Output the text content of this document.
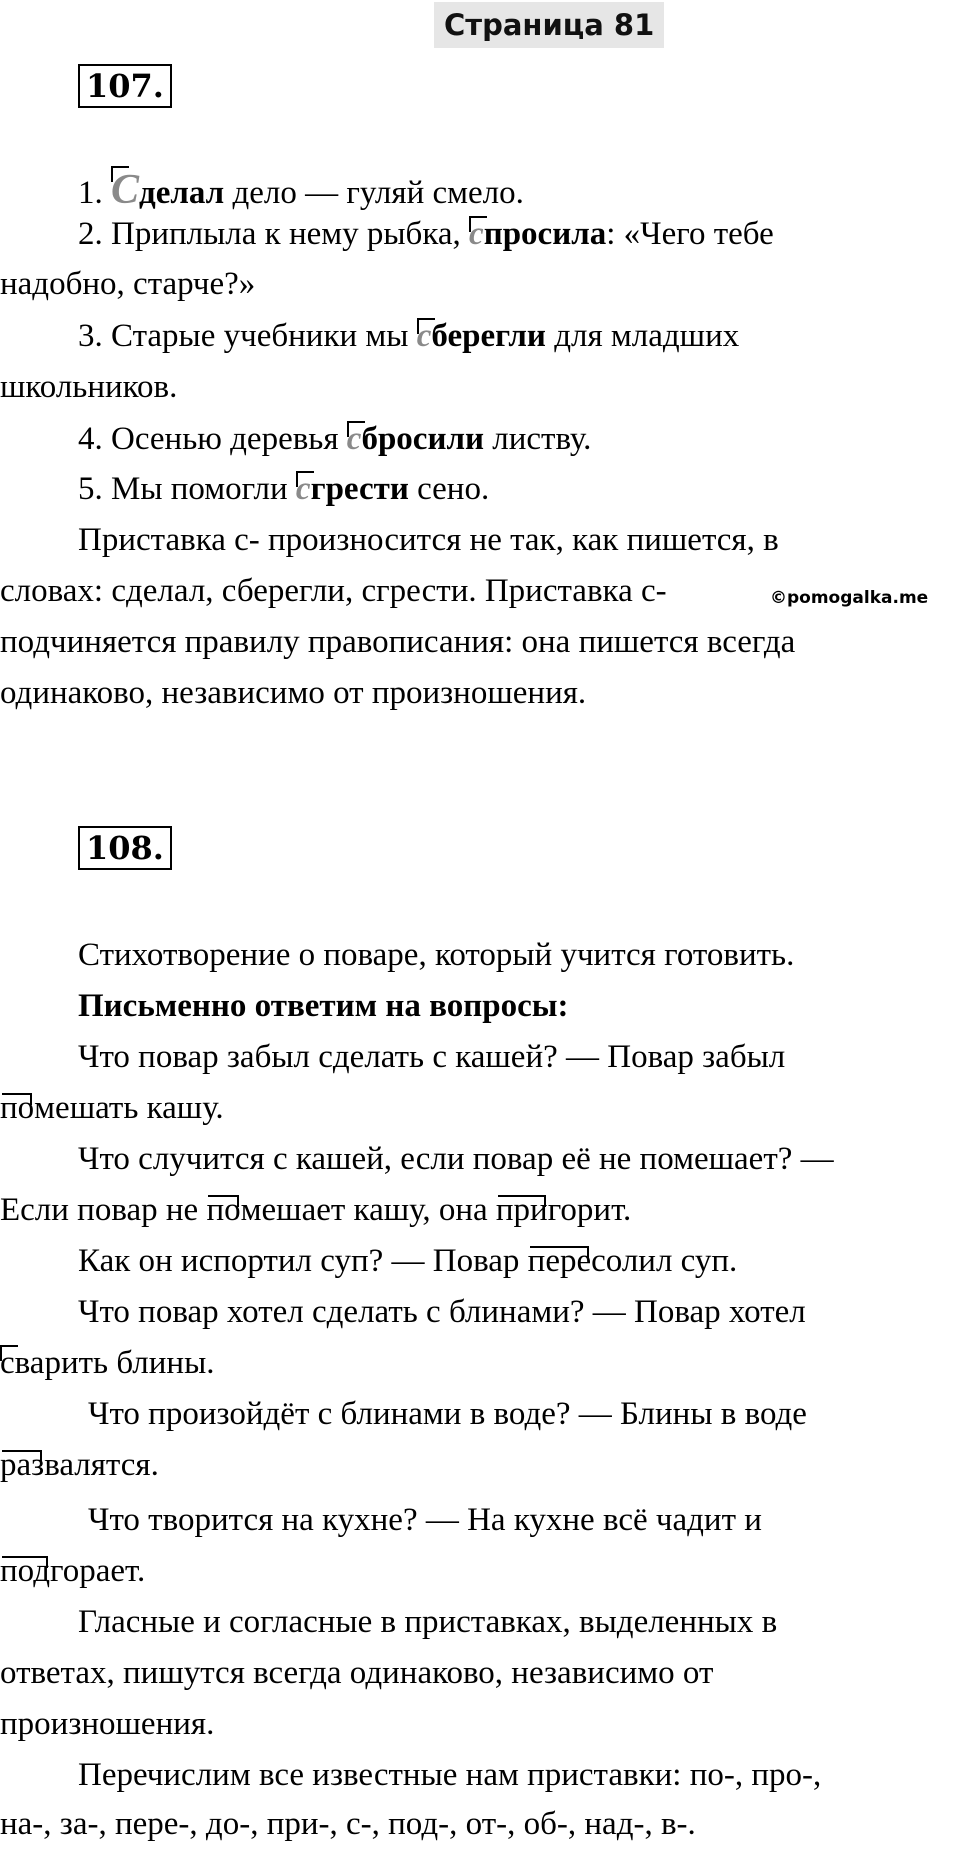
Страница 81
107.
1. Сделал дело — гуляй смело.
2. Приплыла к нему рыбка, спросила: «Чего тебе
надобно, старче?»
3. Старые учебники мы сберегли для младших
школьников.
4. Осенью деревья сбросили листву.
5. Мы помогли сгрести сено.
Приставка с- произносится не так, как пишется, в
словах: сделал, сберегли, сгрести. Приставка с-
подчиняется правилу правописания: она пишется всегда
одинаково, независимо от произношения.
©pomogalka.me
108.
Стихотворение о поваре, который учится готовить.
Письменно ответим на вопросы:
Что повар забыл сделать с кашей? — Повар забыл
помешать кашу.
Что случится с кашей, если повар её не помешает? —
Если повар не помешает кашу, она пригорит.
Как он испортил суп? — Повар пересолил суп.
Что повар хотел сделать с блинами? — Повар хотел
сварить блины.
Что произойдёт с блинами в воде? — Блины в воде
развалятся.
Что творится на кухне? — На кухне всё чадит и
подгорает.
Гласные и согласные в приставках, выделенных в
ответах, пишутся всегда одинаково, независимо от
произношения.
Перечислим все известные нам приставки: по-, про-,
на-, за-, пере-, до-, при-, с-, под-, от-, об-, над-, в-.
